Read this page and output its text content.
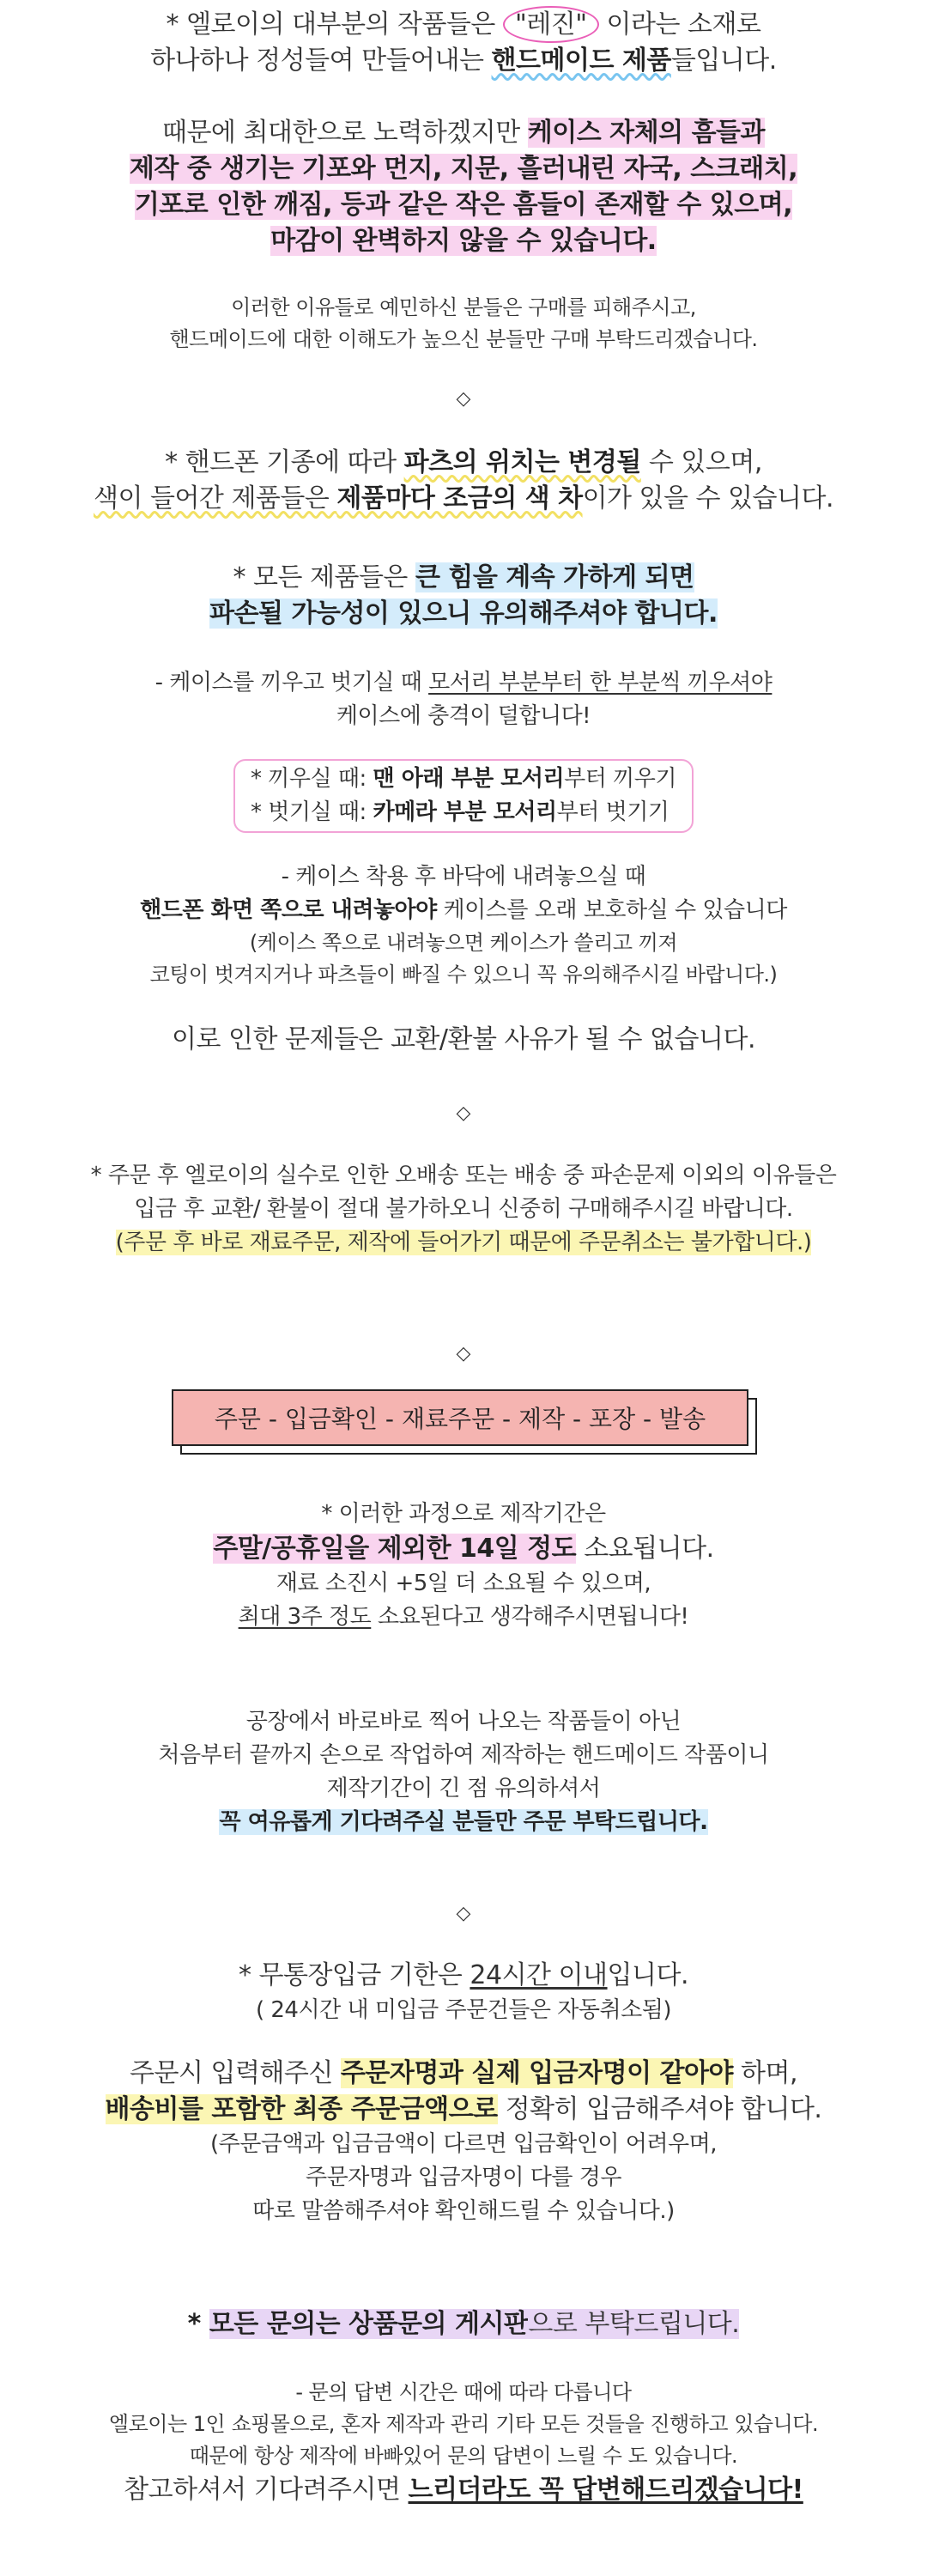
* 엘로이의 대부분의 작품들은 "레진" 이라는 소재로
하나하나 정성들여 만들어내는 핸드메이드 제품들입니다.
때문에 최대한으로 노력하겠지만 케이스 자체의 흠들과
제작 중 생기는 기포와 먼지, 지문, 흘러내린 자국, 스크래치,
기포로 인한 깨짐, 등과 같은 작은 흠들이 존재할 수 있으며,
마감이 완벽하지 않을 수 있습니다.
이러한 이유들로 예민하신 분들은 구매를 피해주시고,
핸드메이드에 대한 이해도가 높으신 분들만 구매 부탁드리겠습니다.
◇
* 핸드폰 기종에 따라 파츠의 위치는 변경될 수 있으며,
색이 들어간 제품들은 제품마다 조금의 색 차이가 있을 수 있습니다.
* 모든 제품들은 큰 힘을 계속 가하게 되면
파손될 가능성이 있으니 유의해주셔야 합니다.
- 케이스를 끼우고 벗기실 때 모서리 부분부터 한 부분씩 끼우셔야
케이스에 충격이 덜합니다!
* 끼우실 때: 맨 아래 부분 모서리부터 끼우기
* 벗기실 때: 카메라 부분 모서리부터 벗기기
- 케이스 착용 후 바닥에 내려놓으실 때
핸드폰 화면 쪽으로 내려놓아야 케이스를 오래 보호하실 수 있습니다
(케이스 쪽으로 내려놓으면 케이스가 쓸리고 끼져
코팅이 벗겨지거나 파츠들이 빠질 수 있으니 꼭 유의해주시길 바랍니다.)
이로 인한 문제들은 교환/환불 사유가 될 수 없습니다.
◇
* 주문 후 엘로이의 실수로 인한 오배송 또는 배송 중 파손문제 이외의 이유들은
입금 후 교환/ 환불이 절대 불가하오니 신중히 구매해주시길 바랍니다.
(주문 후 바로 재료주문, 제작에 들어가기 때문에 주문취소는 불가합니다.)
◇
주문 - 입금확인 - 재료주문 - 제작 - 포장 - 발송
* 이러한 과정으로 제작기간은
주말/공휴일을 제외한 14일 정도 소요됩니다.
재료 소진시 +5일 더 소요될 수 있으며,
최대 3주 정도 소요된다고 생각해주시면됩니다!
공장에서 바로바로 찍어 나오는 작품들이 아닌
처음부터 끝까지 손으로 작업하여 제작하는 핸드메이드 작품이니
제작기간이 긴 점 유의하셔서
꼭 여유롭게 기다려주실 분들만 주문 부탁드립니다.
◇
* 무통장입금 기한은 24시간 이내입니다.
( 24시간 내 미입금 주문건들은 자동취소됨)
주문시 입력해주신 주문자명과 실제 입금자명이 같아야 하며,
배송비를 포함한 최종 주문금액으로 정확히 입금해주셔야 합니다.
(주문금액과 입금금액이 다르면 입금확인이 어려우며,
주문자명과 입금자명이 다를 경우
따로 말씀해주셔야 확인해드릴 수 있습니다.)
* 모든 문의는 상품문의 게시판으로 부탁드립니다.
- 문의 답변 시간은 때에 따라 다릅니다
엘로이는 1인 쇼핑몰으로, 혼자 제작과 관리 기타 모든 것들을 진행하고 있습니다.
때문에 항상 제작에 바빠있어 문의 답변이 느릴 수 도 있습니다.
참고하셔서 기다려주시면 느리더라도 꼭 답변해드리겠습니다!
